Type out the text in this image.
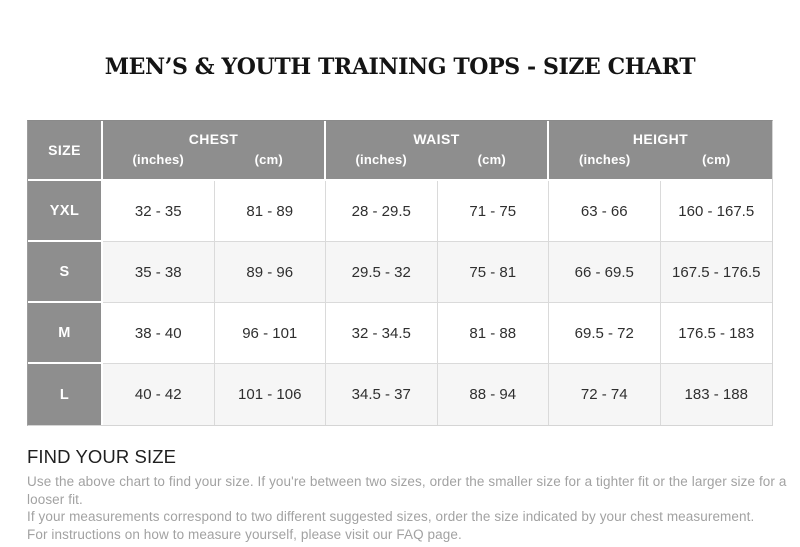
MEN’S & YOUTH TRAINING TOPS - SIZE CHART
SIZE
CHEST
(inches)	(cm)
WAIST
(inches)	(cm)
HEIGHT
(inches)	(cm)
YXL	32 - 35	81 - 89	28 - 29.5	71 - 75	63 - 66	160 - 167.5
S	35 - 38	89 - 96	29.5 - 32	75 - 81	66 - 69.5	167.5 - 176.5
M	38 - 40	96 - 101	32 - 34.5	81 - 88	69.5 - 72	176.5 - 183
L	40 - 42	101 - 106	34.5 - 37	88 - 94	72 - 74	183 - 188
FIND YOUR SIZE

Use the above chart to find your size. If you're between two sizes, order the smaller size for a tighter fit or the larger size for a looser fit.

If your measurements correspond to two different suggested sizes, order the size indicated by your chest measurement.

For instructions on how to measure yourself, please visit our FAQ page.
